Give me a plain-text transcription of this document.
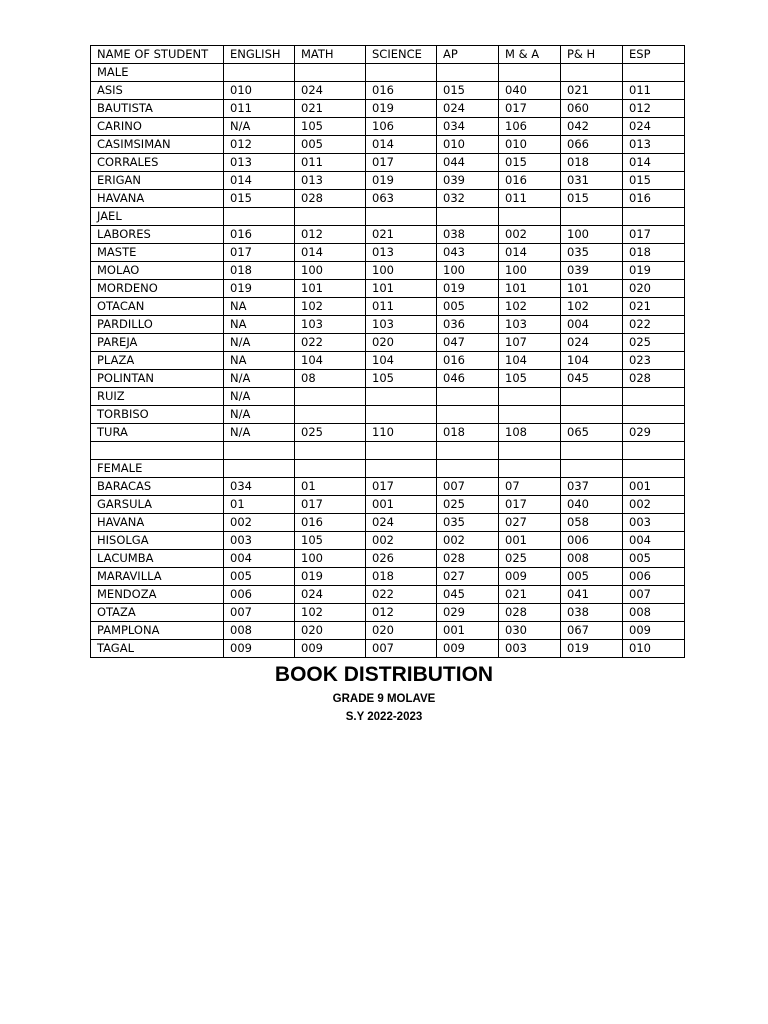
NAME OF STUDENT	ENGLISH	MATH	SCIENCE	AP	M & A	P& H	ESP
MALE							
ASIS	010	024	016	015	040	021	011
BAUTISTA	011	021	019	024	017	060	012
CARINO	N/A	105	106	034	106	042	024
CASIMSIMAN	012	005	014	010	010	066	013
CORRALES	013	011	017	044	015	018	014
ERIGAN	014	013	019	039	016	031	015
HAVANA	015	028	063	032	011	015	016
JAEL							
LABORES	016	012	021	038	002	100	017
MASTE	017	014	013	043	014	035	018
MOLAO	018	100	100	100	100	039	019
MORDENO	019	101	101	019	101	101	020
OTACAN	NA	102	011	005	102	102	021
PARDILLO	NA	103	103	036	103	004	022
PAREJA	N/A	022	020	047	107	024	025
PLAZA	NA	104	104	016	104	104	023
POLINTAN	N/A	08	105	046	105	045	028
RUIZ	N/A						
TORBISO	N/A						
TURA	N/A	025	110	018	108	065	029

FEMALE							
BARACAS	034	01	017	007	07	037	001
GARSULA	01	017	001	025	017	040	002
HAVANA	002	016	024	035	027	058	003
HISOLGA	003	105	002	002	001	006	004
LACUMBA	004	100	026	028	025	008	005
MARAVILLA	005	019	018	027	009	005	006
MENDOZA	006	024	022	045	021	041	007
OTAZA	007	102	012	029	028	038	008
PAMPLONA	008	020	020	001	030	067	009
TAGAL	009	009	007	009	003	019	010
BOOK DISTRIBUTION
GRADE 9 MOLAVE
S.Y 2022-2023
